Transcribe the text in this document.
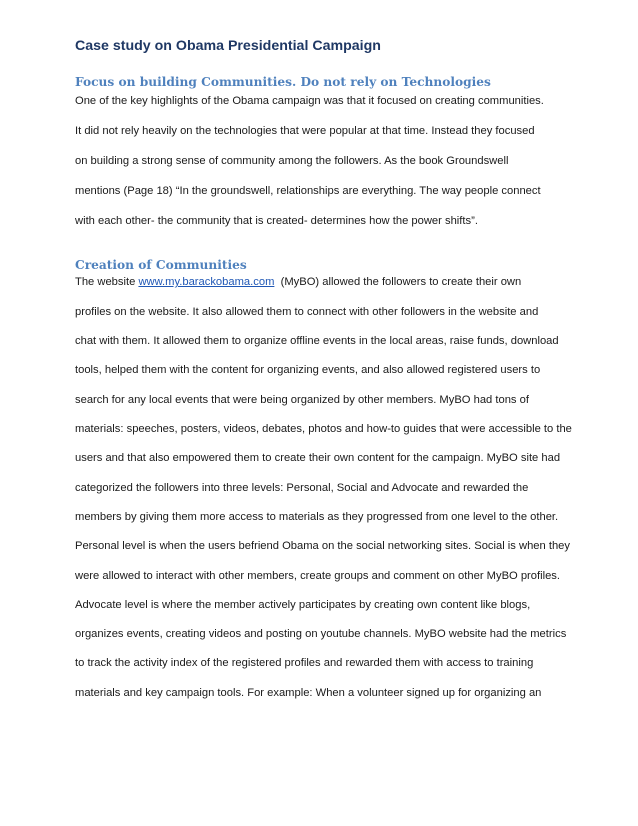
Case study on Obama Presidential Campaign
Focus on building Communities. Do not rely on Technologies
One of the key highlights of the Obama campaign was that it focused on creating communities.
It did not rely heavily on the technologies that were popular at that time. Instead they focused
on building a strong sense of community among the followers. As the book Groundswell
mentions (Page 18) “In the groundswell, relationships are everything. The way people connect
with each other- the community that is created- determines how the power shifts”.
Creation of Communities
The website www.my.barackobama.com  (MyBO) allowed the followers to create their own
profiles on the website. It also allowed them to connect with other followers in the website and
chat with them. It allowed them to organize offline events in the local areas, raise funds, download
tools, helped them with the content for organizing events, and also allowed registered users to
search for any local events that were being organized by other members. MyBO had tons of
materials: speeches, posters, videos, debates, photos and how-to guides that were accessible to the
users and that also empowered them to create their own content for the campaign. MyBO site had
categorized the followers into three levels: Personal, Social and Advocate and rewarded the
members by giving them more access to materials as they progressed from one level to the other.
Personal level is when the users befriend Obama on the social networking sites. Social is when they
were allowed to interact with other members, create groups and comment on other MyBO profiles.
Advocate level is where the member actively participates by creating own content like blogs,
organizes events, creating videos and posting on youtube channels. MyBO website had the metrics
to track the activity index of the registered profiles and rewarded them with access to training
materials and key campaign tools. For example: When a volunteer signed up for organizing an
